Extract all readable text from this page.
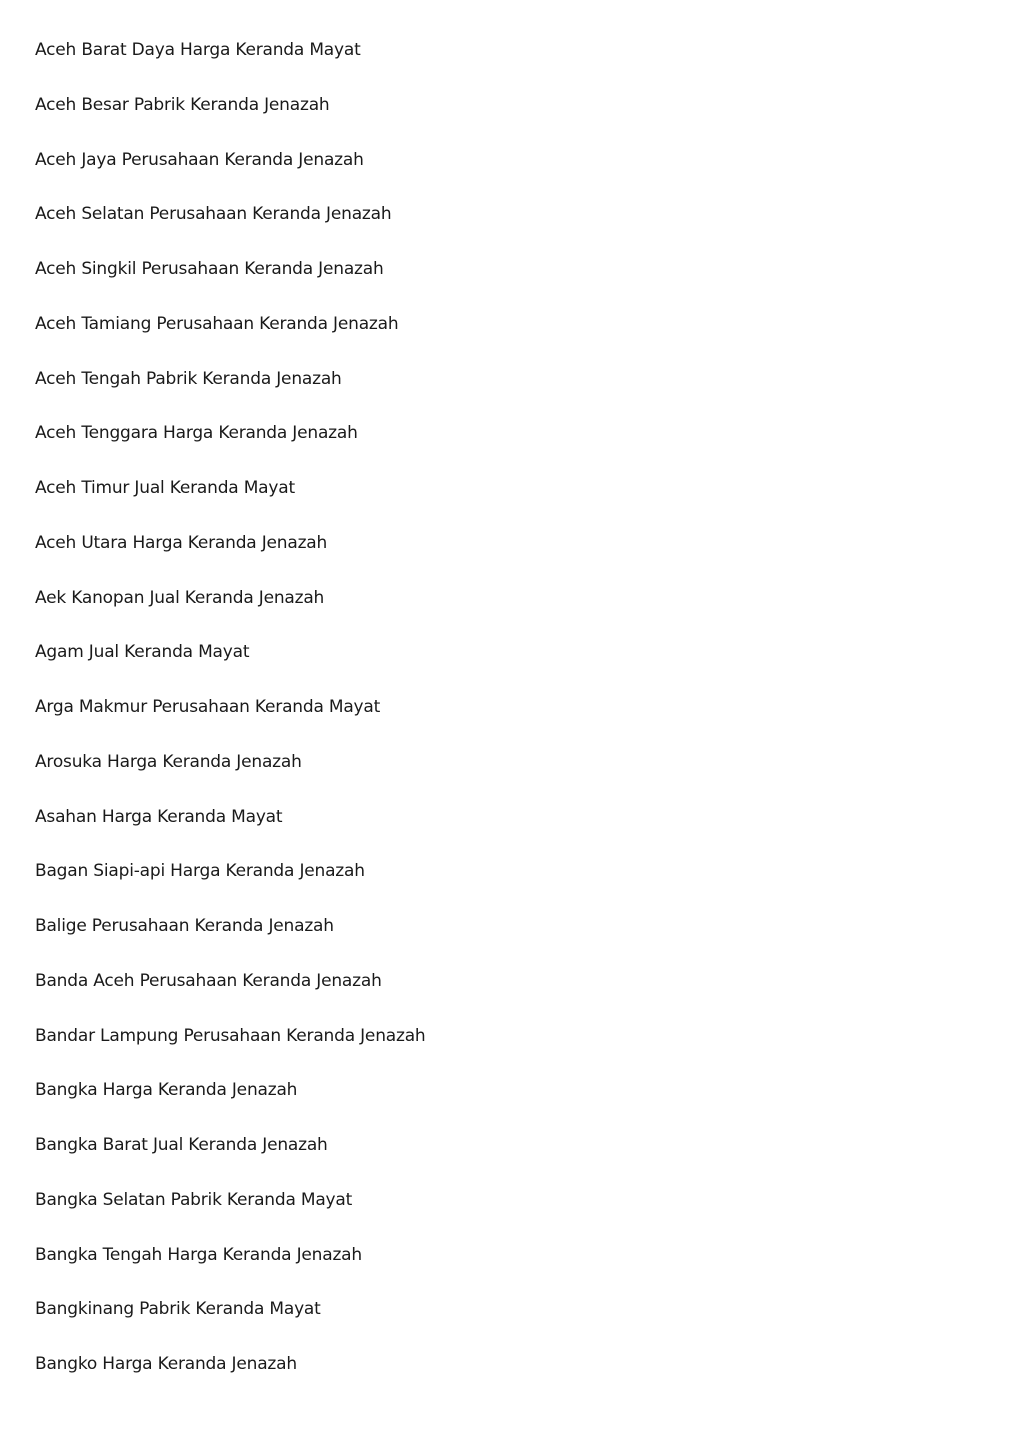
Aceh Barat Daya Harga Keranda Mayat
Aceh Besar Pabrik Keranda Jenazah
Aceh Jaya Perusahaan Keranda Jenazah
Aceh Selatan Perusahaan Keranda Jenazah
Aceh Singkil Perusahaan Keranda Jenazah
Aceh Tamiang Perusahaan Keranda Jenazah
Aceh Tengah Pabrik Keranda Jenazah
Aceh Tenggara Harga Keranda Jenazah
Aceh Timur Jual Keranda Mayat
Aceh Utara Harga Keranda Jenazah
Aek Kanopan Jual Keranda Jenazah
Agam Jual Keranda Mayat
Arga Makmur Perusahaan Keranda Mayat
Arosuka Harga Keranda Jenazah
Asahan Harga Keranda Mayat
Bagan Siapi-api Harga Keranda Jenazah
Balige Perusahaan Keranda Jenazah
Banda Aceh Perusahaan Keranda Jenazah
Bandar Lampung Perusahaan Keranda Jenazah
Bangka Harga Keranda Jenazah
Bangka Barat Jual Keranda Jenazah
Bangka Selatan Pabrik Keranda Mayat
Bangka Tengah Harga Keranda Jenazah
Bangkinang Pabrik Keranda Mayat
Bangko Harga Keranda Jenazah
